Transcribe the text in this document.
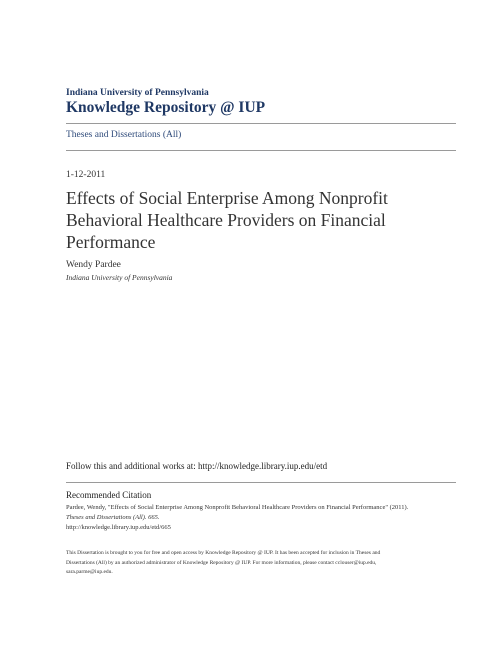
Indiana University of Pennsylvania
Knowledge Repository @ IUP
Theses and Dissertations (All)
1-12-2011
Effects of Social Enterprise Among Nonprofit
Behavioral Healthcare Providers on Financial
Performance
Wendy Pardee
Indiana University of Pennsylvania
Follow this and additional works at: http://knowledge.library.iup.edu/etd
Recommended Citation
Pardee, Wendy, "Effects of Social Enterprise Among Nonprofit Behavioral Healthcare Providers on Financial Performance" (2011).
Theses and Dissertations (All). 665.
http://knowledge.library.iup.edu/etd/665
This Dissertation is brought to you for free and open access by Knowledge Repository @ IUP. It has been accepted for inclusion in Theses and
Dissertations (All) by an authorized administrator of Knowledge Repository @ IUP. For more information, please contact cclouser@iup.edu,
sara.parme@iup.edu.
